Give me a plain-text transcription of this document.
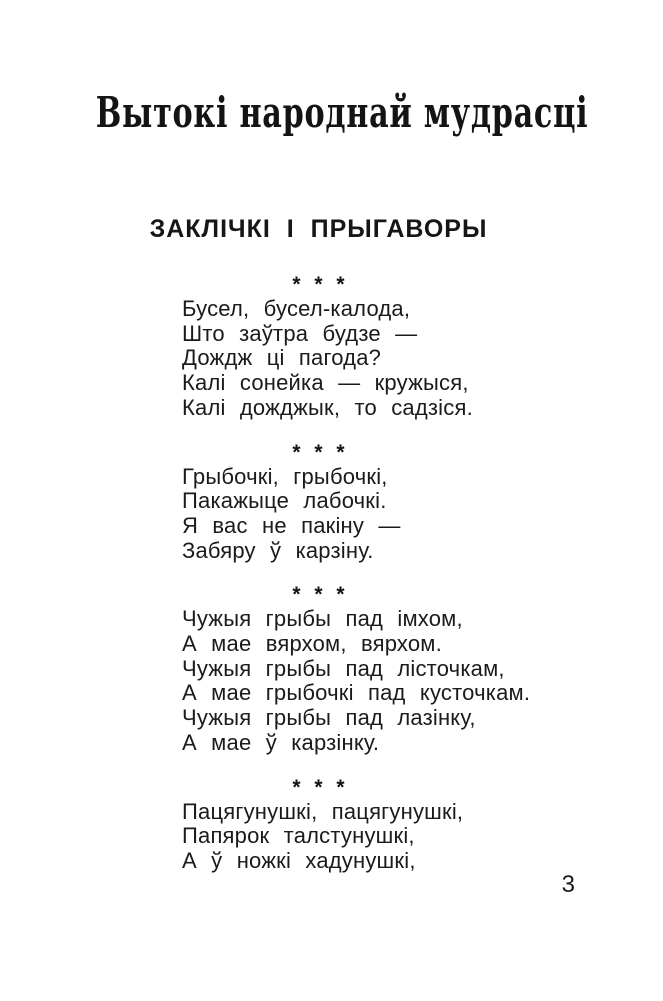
Вытокі народнай мудрасці
ЗАКЛІЧКІ І ПРЫГАВОРЫ
* * *
Бусел, бусел-калода,
Што заўтра будзе —
Дождж ці пагода?
Калі сонейка — кружыся,
Калі дожджык, то садзіся.
* * *
Грыбочкі, грыбочкі,
Пакажыце лабочкі.
Я вас не пакіну —
Забяру ў карзіну.
* * *
Чужыя грыбы пад імхом,
А мае вярхом, вярхом.
Чужыя грыбы пад лісточкам,
А мае грыбочкі пад кусточкам.
Чужыя грыбы пад лазінку,
А мае ў карзінку.
* * *
Пацягунушкі, пацягунушкі,
Папярок талстунушкі,
А ў ножкі хадунушкі,
3
